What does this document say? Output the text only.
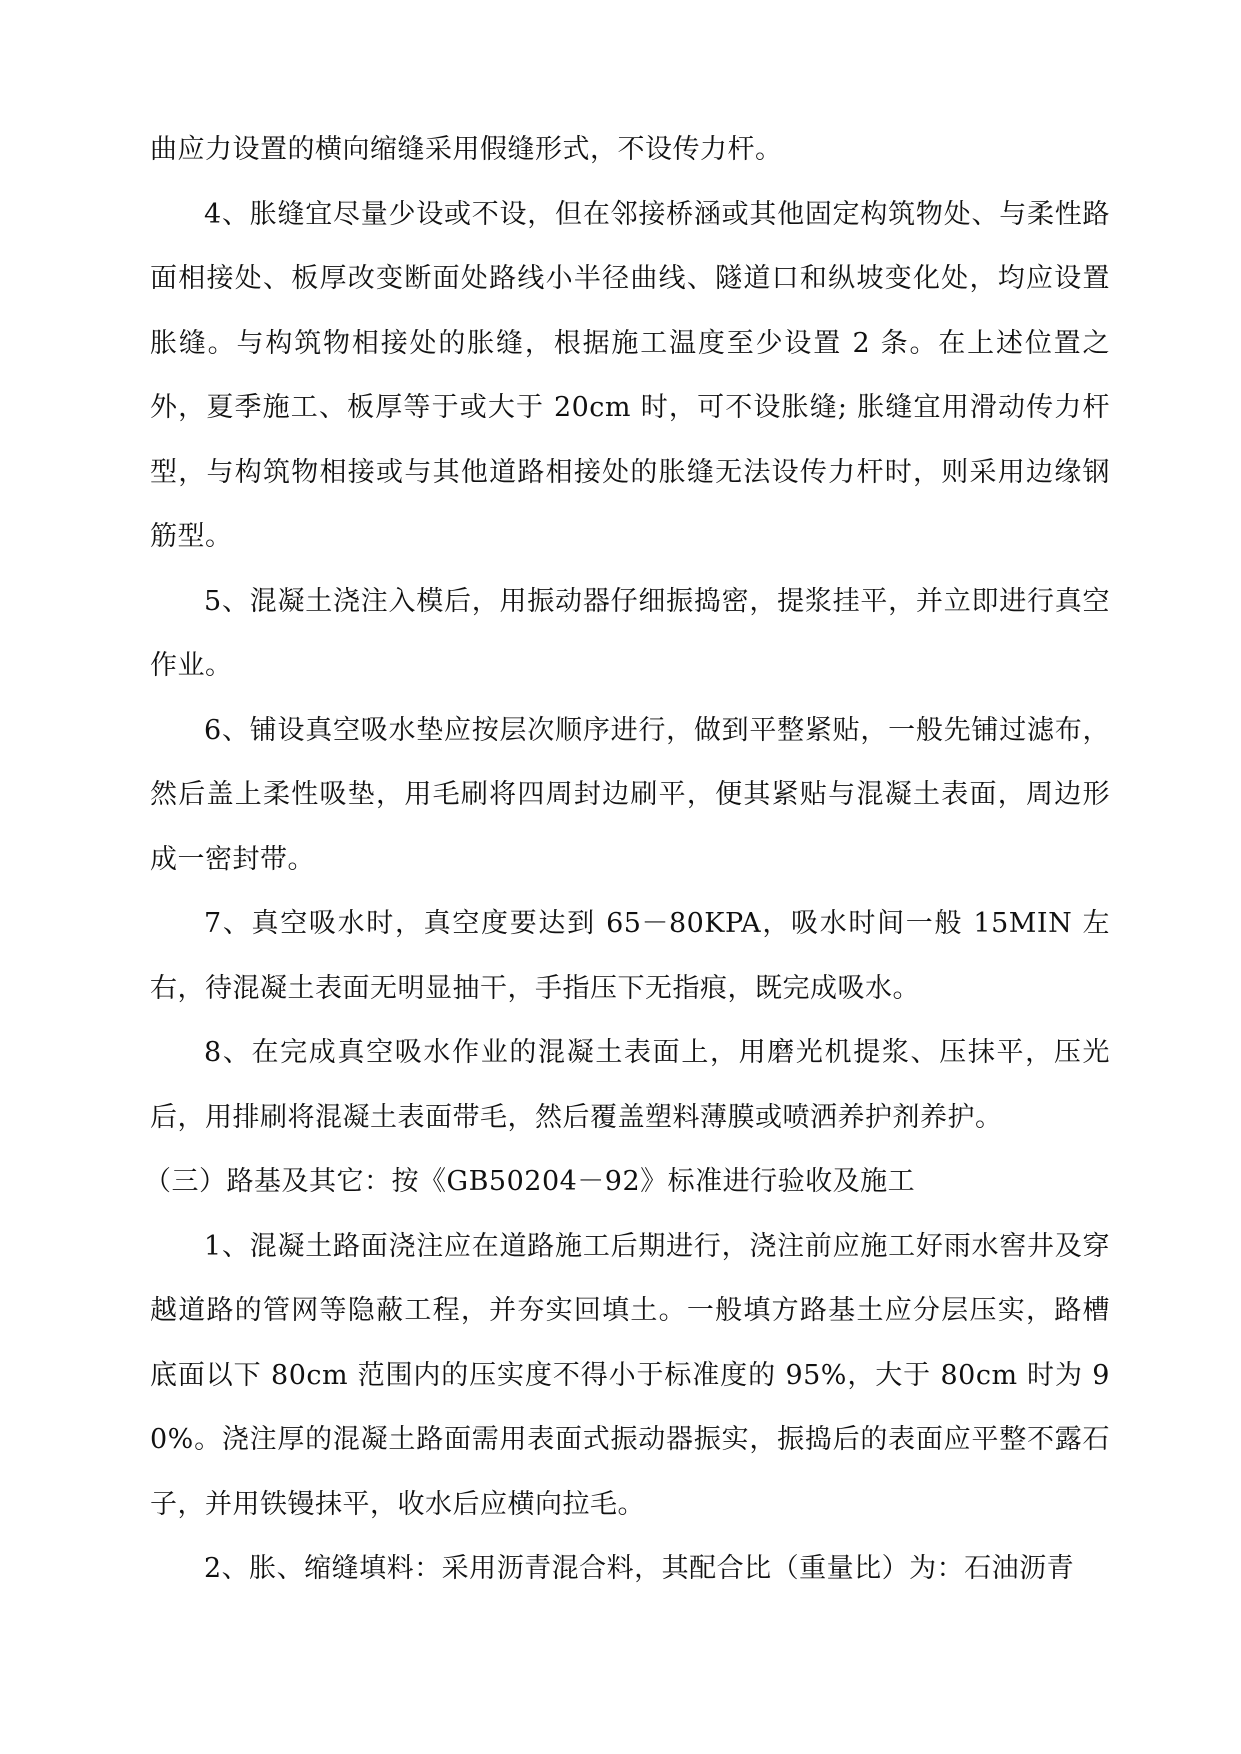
曲应力设置的横向缩缝采用假缝形式，不设传力杆。

4、胀缝宜尽量少设或不设，但在邻接桥涵或其他固定构筑物处、与柔性路面相接处、板厚改变断面处路线小半径曲线、隧道口和纵坡变化处，均应设置胀缝。与构筑物相接处的胀缝，根据施工温度至少设置 2 条。在上述位置之外，夏季施工、板厚等于或大于 20cm 时，可不设胀缝; 胀缝宜用滑动传力杆型，与构筑物相接或与其他道路相接处的胀缝无法设传力杆时，则采用边缘钢筋型。

5、混凝土浇注入模后，用振动器仔细振捣密，提浆挂平，并立即进行真空作业。

6、铺设真空吸水垫应按层次顺序进行，做到平整紧贴，一般先铺过滤布，然后盖上柔性吸垫，用毛刷将四周封边刷平，便其紧贴与混凝土表面，周边形成一密封带。

7、真空吸水时，真空度要达到 65－80KPA，吸水时间一般 15MIN 左右，待混凝土表面无明显抽干，手指压下无指痕，既完成吸水。

8、在完成真空吸水作业的混凝土表面上，用磨光机提浆、压抹平，压光后，用排刷将混凝土表面带毛，然后覆盖塑料薄膜或喷洒养护剂养护。

（三）路基及其它：按《GB50204－92》标准进行验收及施工

1、混凝土路面浇注应在道路施工后期进行，浇注前应施工好雨水窖井及穿越道路的管网等隐蔽工程，并夯实回填土。一般填方路基土应分层压实，路槽底面以下 80cm 范围内的压实度不得小于标准度的 95%，大于 80cm 时为 90%。浇注厚的混凝土路面需用表面式振动器振实，振捣后的表面应平整不露石子，并用铁镘抹平，收水后应横向拉毛。

2、胀、缩缝填料：采用沥青混合料，其配合比（重量比）为：石油沥青
